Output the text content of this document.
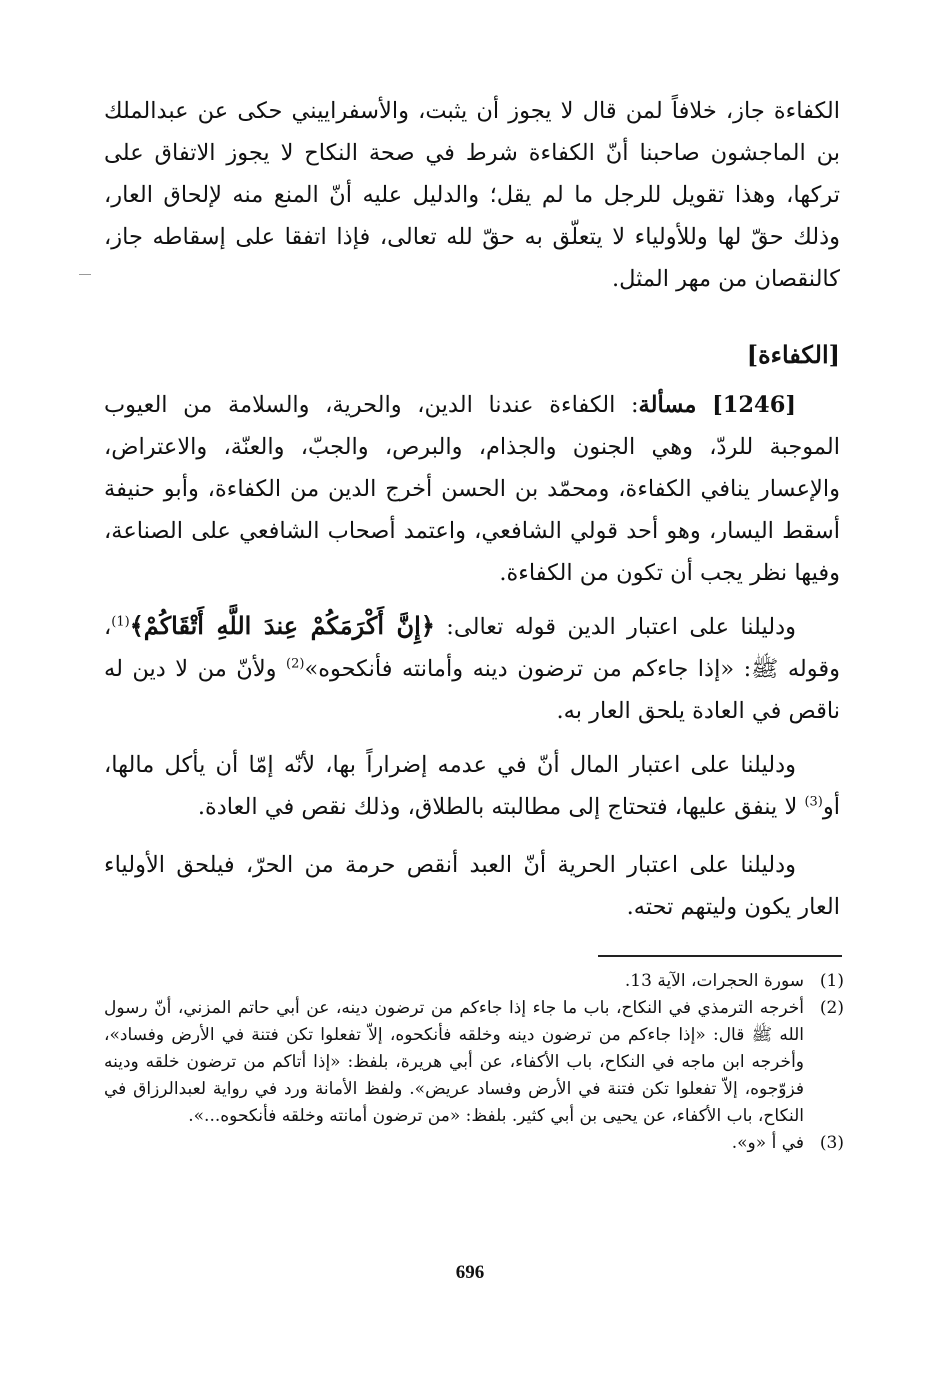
الكفاءة جاز، خلافاً لمن قال لا يجوز أن يثبت، والأسفراييني حكى عن عبدالملك بن الماجشون صاحبنا أنّ الكفاءة شرط في صحة النكاح لا يجوز الاتفاق على تركها، وهذا تقويل للرجل ما لم يقل؛ والدليل عليه أنّ المنع منه لإلحاق العار، وذلك حقّ لها وللأولياء لا يتعلّق به حقّ لله تعالى، فإذا اتفقا على إسقاطه جاز، كالنقصان من مهر المثل.

[الكفاءة]

[1246] مسألة: الكفاءة عندنا الدين، والحرية، والسلامة من العيوب الموجبة للردّ، وهي الجنون والجذام، والبرص، والجبّ، والعنّة، والاعتراض، والإعسار ينافي الكفاءة، ومحمّد بن الحسن أخرج الدين من الكفاءة، وأبو حنيفة أسقط اليسار، وهو أحد قولي الشافعي، واعتمد أصحاب الشافعي على الصناعة، وفيها نظر يجب أن تكون من الكفاءة.

ودليلنا على اعتبار الدين قوله تعالى: ﴿إِنَّ أَكْرَمَكُمْ عِندَ اللَّهِ أَتْقَاكُمْ﴾$^{(1)}$، وقوله ﷺ: «إذا جاءكم من ترضون دينه وأمانته فأنكحوه»$^{(2)}$ ولأنّ من لا دين له ناقص في العادة يلحق العار به.

ودليلنا على اعتبار المال أنّ في عدمه إضراراً بها، لأنّه إمّا أن يأكل مالها، أو$^{(3)}$ لا ينفق عليها، فتحتاج إلى مطالبته بالطلاق، وذلك نقص في العادة.

ودليلنا على اعتبار الحرية أنّ العبد أنقص حرمة من الحرّ، فيلحق الأولياء العار يكون وليتهم تحته.

(1)
سورة الحجرات، الآية 13.
(2)
أخرجه الترمذي في النكاح، باب ما جاء إذا جاءكم من ترضون دينه، عن أبي حاتم المزني، أنّ رسول الله ﷺ قال: «إذا جاءكم من ترضون دينه وخلقه فأنكحوه، إلاّ تفعلوا تكن فتنة في الأرض وفساد»، وأخرجه ابن ماجه في النكاح، باب الأكفاء، عن أبي هريرة، بلفظ: «إذا أتاكم من ترضون خلقه ودينه فزوّجوه، إلاّ تفعلوا تكن فتنة في الأرض وفساد عريض». ولفظ الأمانة ورد في رواية لعبدالرزاق في النكاح، باب الأكفاء، عن يحيى بن أبي كثير. بلفظ: «من ترضون أمانته وخلقه فأنكحوه...».
(3)
في أ «و».
696
